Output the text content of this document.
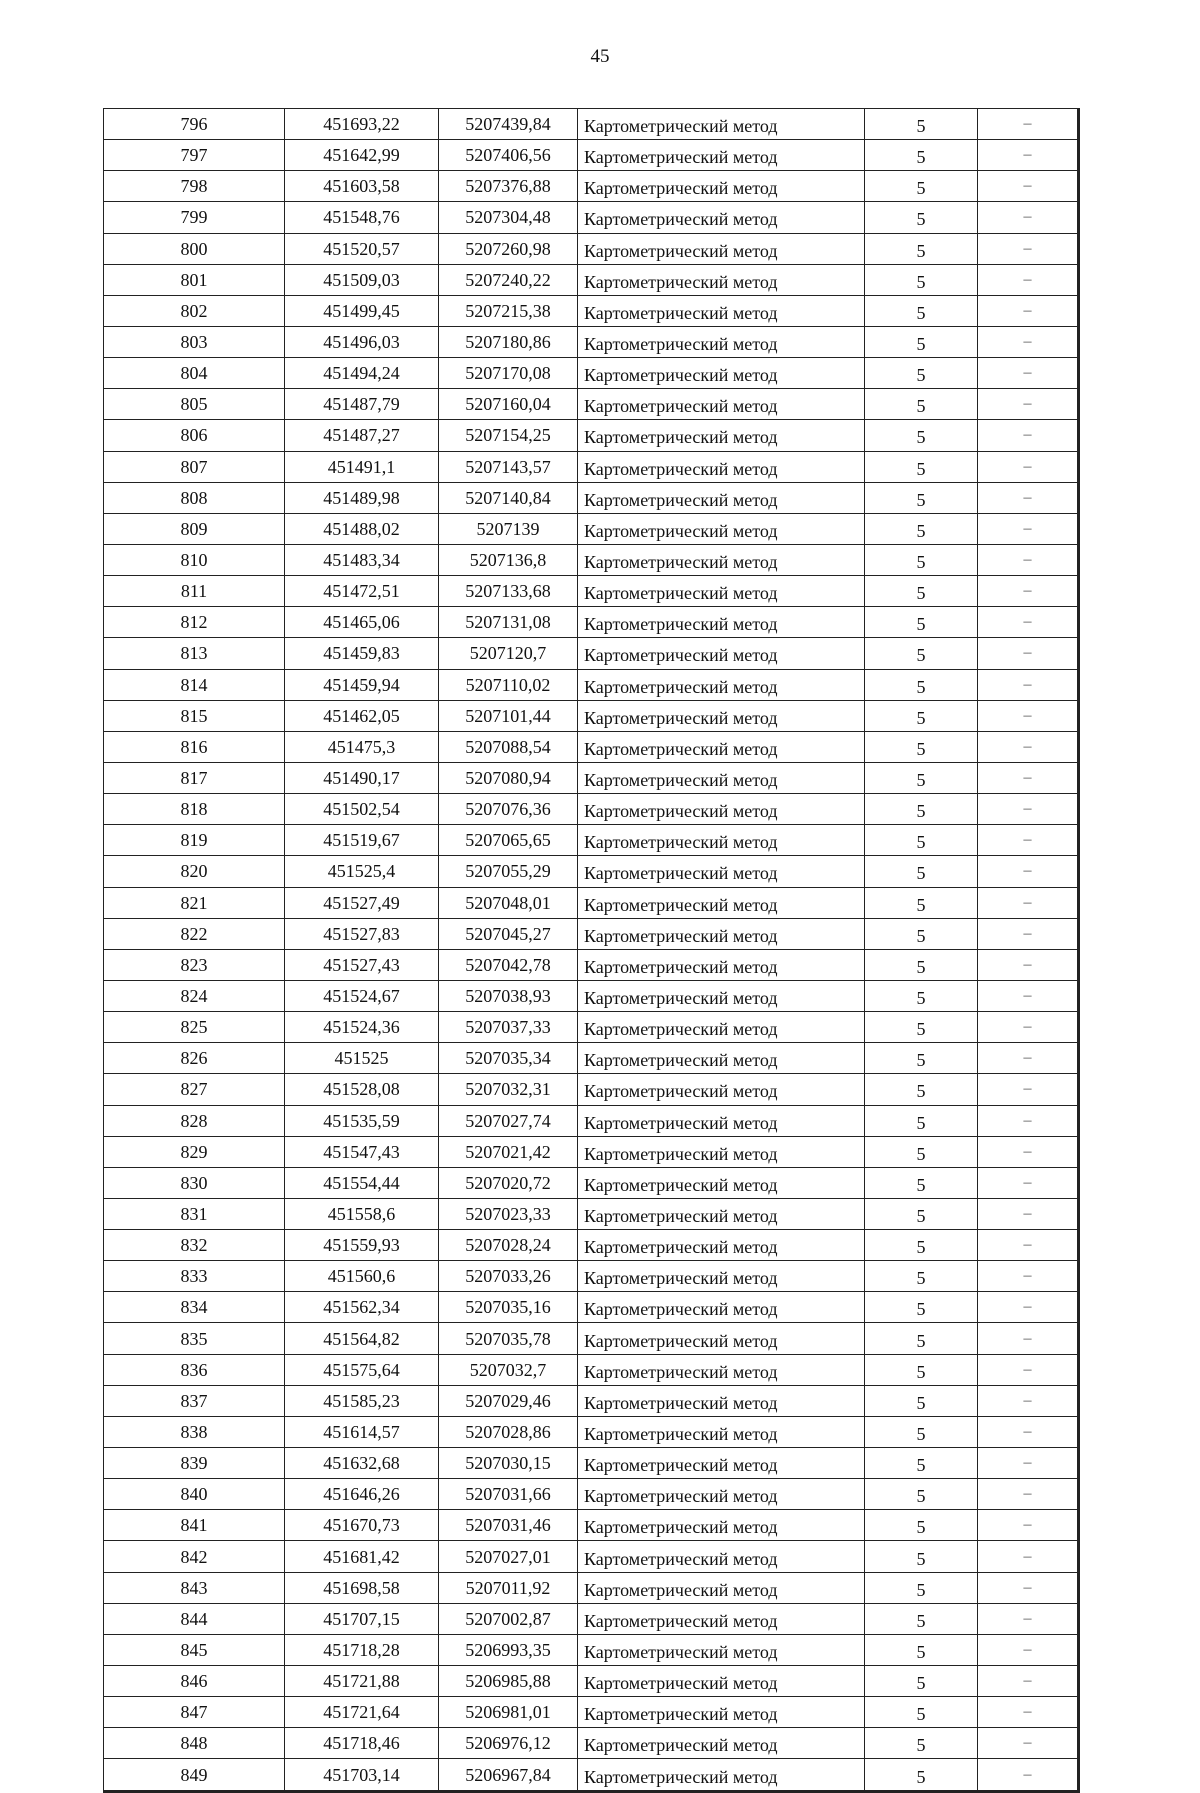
45
796	451693,22	5207439,84	Картометрический метод	5	–
797	451642,99	5207406,56	Картометрический метод	5	–
798	451603,58	5207376,88	Картометрический метод	5	–
799	451548,76	5207304,48	Картометрический метод	5	–
800	451520,57	5207260,98	Картометрический метод	5	–
801	451509,03	5207240,22	Картометрический метод	5	–
802	451499,45	5207215,38	Картометрический метод	5	–
803	451496,03	5207180,86	Картометрический метод	5	–
804	451494,24	5207170,08	Картометрический метод	5	–
805	451487,79	5207160,04	Картометрический метод	5	–
806	451487,27	5207154,25	Картометрический метод	5	–
807	451491,1	5207143,57	Картометрический метод	5	–
808	451489,98	5207140,84	Картометрический метод	5	–
809	451488,02	5207139	Картометрический метод	5	–
810	451483,34	5207136,8	Картометрический метод	5	–
811	451472,51	5207133,68	Картометрический метод	5	–
812	451465,06	5207131,08	Картометрический метод	5	–
813	451459,83	5207120,7	Картометрический метод	5	–
814	451459,94	5207110,02	Картометрический метод	5	–
815	451462,05	5207101,44	Картометрический метод	5	–
816	451475,3	5207088,54	Картометрический метод	5	–
817	451490,17	5207080,94	Картометрический метод	5	–
818	451502,54	5207076,36	Картометрический метод	5	–
819	451519,67	5207065,65	Картометрический метод	5	–
820	451525,4	5207055,29	Картометрический метод	5	–
821	451527,49	5207048,01	Картометрический метод	5	–
822	451527,83	5207045,27	Картометрический метод	5	–
823	451527,43	5207042,78	Картометрический метод	5	–
824	451524,67	5207038,93	Картометрический метод	5	–
825	451524,36	5207037,33	Картометрический метод	5	–
826	451525	5207035,34	Картометрический метод	5	–
827	451528,08	5207032,31	Картометрический метод	5	–
828	451535,59	5207027,74	Картометрический метод	5	–
829	451547,43	5207021,42	Картометрический метод	5	–
830	451554,44	5207020,72	Картометрический метод	5	–
831	451558,6	5207023,33	Картометрический метод	5	–
832	451559,93	5207028,24	Картометрический метод	5	–
833	451560,6	5207033,26	Картометрический метод	5	–
834	451562,34	5207035,16	Картометрический метод	5	–
835	451564,82	5207035,78	Картометрический метод	5	–
836	451575,64	5207032,7	Картометрический метод	5	–
837	451585,23	5207029,46	Картометрический метод	5	–
838	451614,57	5207028,86	Картометрический метод	5	–
839	451632,68	5207030,15	Картометрический метод	5	–
840	451646,26	5207031,66	Картометрический метод	5	–
841	451670,73	5207031,46	Картометрический метод	5	–
842	451681,42	5207027,01	Картометрический метод	5	–
843	451698,58	5207011,92	Картометрический метод	5	–
844	451707,15	5207002,87	Картометрический метод	5	–
845	451718,28	5206993,35	Картометрический метод	5	–
846	451721,88	5206985,88	Картометрический метод	5	–
847	451721,64	5206981,01	Картометрический метод	5	–
848	451718,46	5206976,12	Картометрический метод	5	–
849	451703,14	5206967,84	Картометрический метод	5	–
